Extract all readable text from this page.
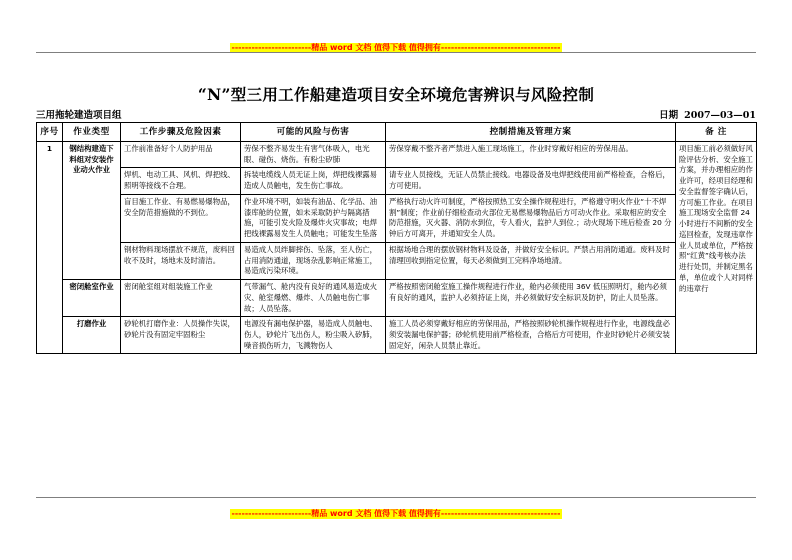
------------------------精品 word 文档 值得下载 值得拥有------------------------------------
“N”型三用工作船建造项目安全环境危害辨识与风险控制
三用拖轮建造项目组	日期 2007—03—01
序号	作业类型	工作步骤及危险因素	可能的风险与伤害	控制措施及管理方案	备 注
1	钢结构建造下料组对安装作业动火作业	工作前准备好个人防护用品	劳保不整齐易发生有害气体吸入，电光眼、碰伤、烧伤。有粉尘矽肺	劳保穿戴不整齐者严禁进入施工现场施工，作业时穿戴好相应的劳保用品。	项目施工前必须做好风险评估分析、安全施工方案，并办理相应的作业许可，经项目经理和安全监督签字确认后，方可施工作业。在项目施工现场安全监督 24 小时进行不间断的安全巡回检查，发现违章作业人员或单位，严格按照“红黄”线考核办法进行处罚，并制定黑名单，单位或个人对同样的违章行
		焊机、电动工具、风机、焊把线、照明等接线不合理。	拆装电缆线人员无证上岗，焊把线裸露易造成人员触电，发生伤亡事故。	请专业人员接线，无证人员禁止接线。电器设备及电焊把线使用前严格检查，合格后，方可使用。	
		盲目施工作业、有易燃易爆物品，安全防范措施做的不到位。	作业环境不明，如装有油品、化学品、油漆库舱的位置，如未采取防护与隔离措施，可能引发火险及爆炸火灾事故；电焊把线裸露易发生人员触电；可能发生坠落	严格执行动火许可制度，严格按照热工安全操作规程进行，严格遵守明火作业“十不焊割”制度；作业前仔细检查动火部位无易燃易爆物品后方可动火作业。采取相应的安全防范措施，灭火器、消防水到位，专人看火，监护人到位.；动火现场下班后检查 20 分钟后方可离开，并通知安全人员。	
		钢材物料现场摆放不规范，废料回收不及时，场地未及时清洁。	易造成人员绊脚摔伤、坠落，至人伤亡，占用消防通道，现场杂乱影响正常施工，易造成污染环境。	根据场地合理的摆放钢材物料及设备，并做好安全标识。严禁占用消防通道。废料及时清理回收到指定位置，每天必须做到工完料净场地清。	
	密闭舱室作业	密闭舱室组对组装施工作业	气带漏气、舱内没有良好的通风易造成火灾、舱室爆燃、爆炸、人员触电伤亡事故；人员坠落。	严格按照密闭舱室施工操作规程进行作业，舱内必须使用 36V 低压照明灯，舱内必须有良好的通风，监护人必须持证上岗，并必须做好安全标识及防护，防止人员坠落。	
	打磨作业	砂轮机打磨作业：人员操作失误，砂轮片没有固定牢固粉尘	电源没有漏电保护器，易造成人员触电、伤人，砂轮片飞出伤人，粉尘吸入矽肺，噪音损伤听力，飞溅物伤人	施工人员必须穿戴好相应的劳保用品，严格按照砂轮机操作规程进行作业，电源线盘必须安装漏电保护器；砂轮机使用前严格检查，合格后方可使用，作业时砂轮片必须安装固定好，闲杂人员禁止靠近。	
------------------------精品 word 文档 值得下载 值得拥有------------------------------------
